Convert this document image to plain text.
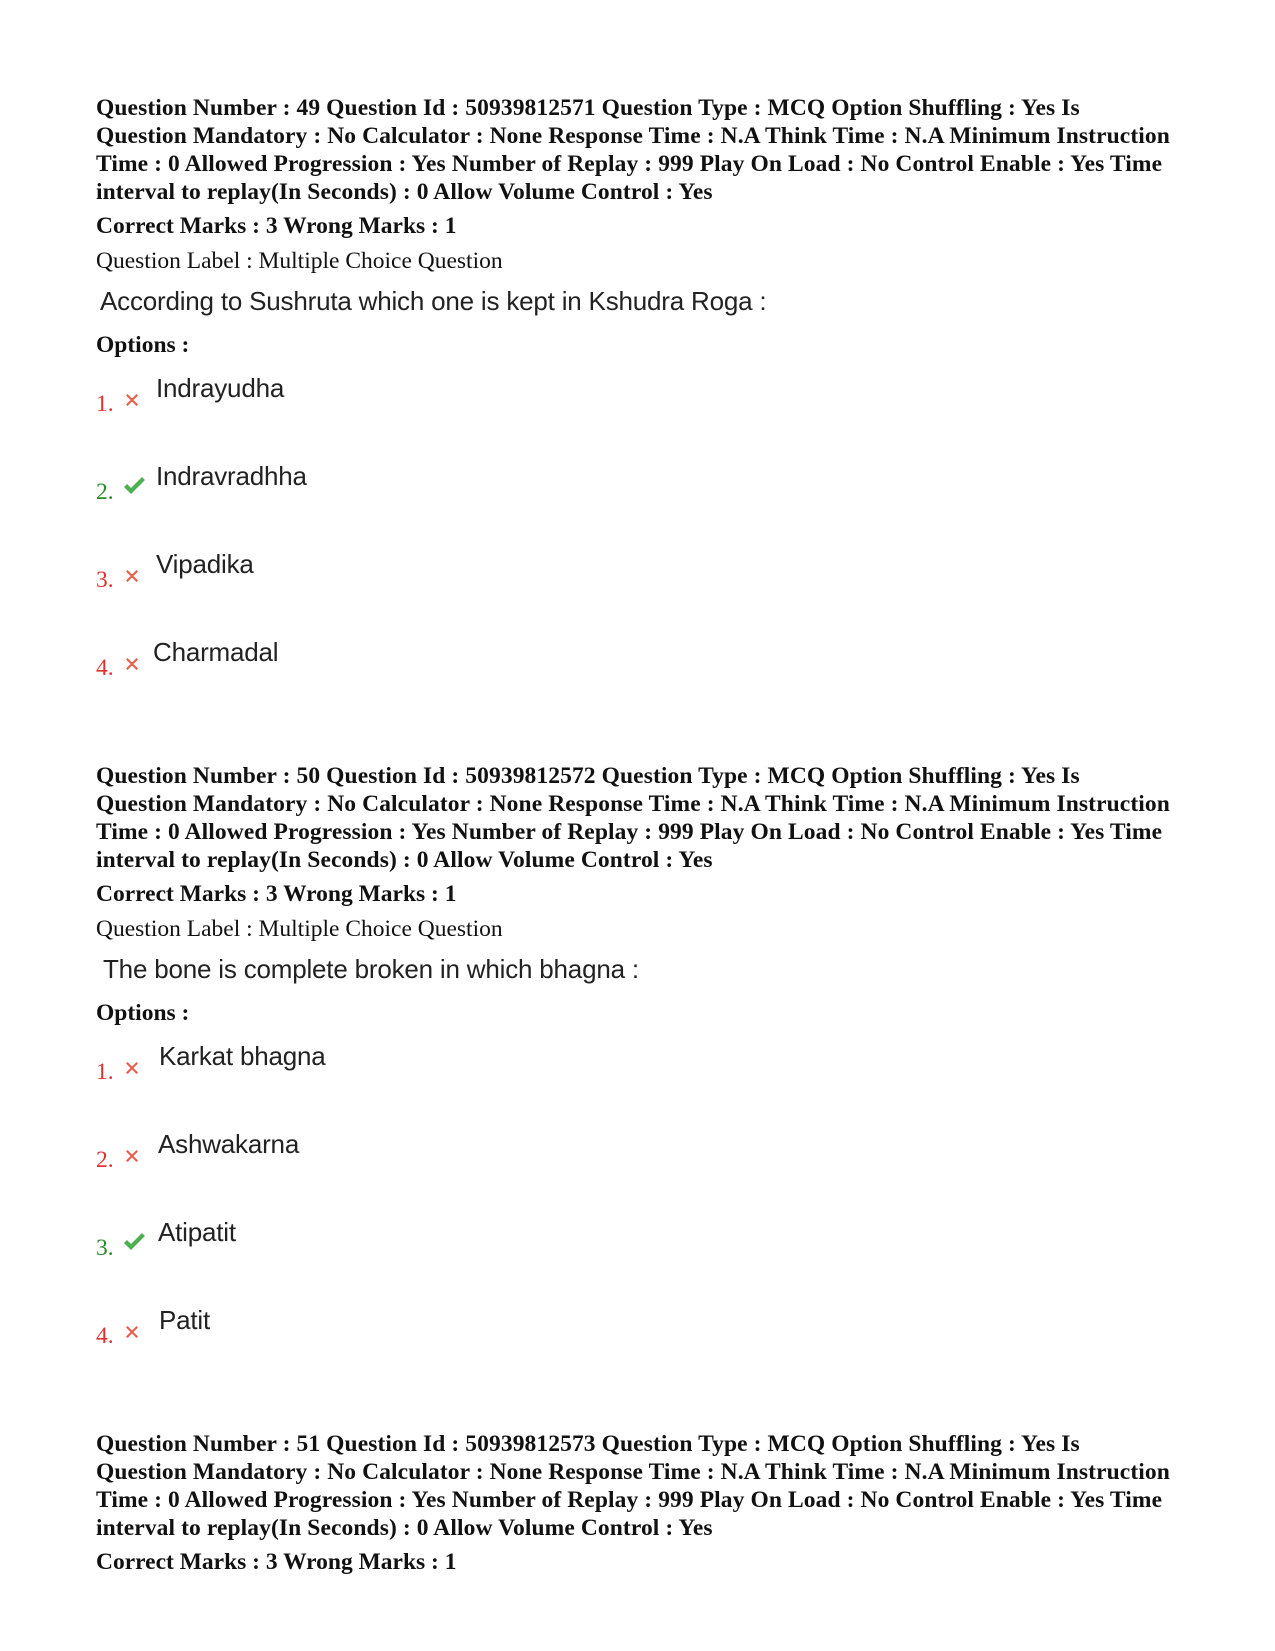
Question Number : 49 Question Id : 50939812571 Question Type : MCQ Option Shuffling : Yes Is Question Mandatory : No Calculator : None Response Time : N.A Think Time : N.A Minimum Instruction Time : 0 Allowed Progression : Yes Number of Replay : 999 Play On Load : No Control Enable : Yes Time interval to replay(In Seconds) : 0 Allow Volume Control : Yes

Correct Marks : 3 Wrong Marks : 1
Question Label : Multiple Choice Question
According to Sushruta which one is kept in Kshudra Roga :
Options :
1.
Indrayudha
2.
Indravradhha
3.
Vipadika
4.
Charmadal

Question Number : 50 Question Id : 50939812572 Question Type : MCQ Option Shuffling : Yes Is Question Mandatory : No Calculator : None Response Time : N.A Think Time : N.A Minimum Instruction Time : 0 Allowed Progression : Yes Number of Replay : 999 Play On Load : No Control Enable : Yes Time interval to replay(In Seconds) : 0 Allow Volume Control : Yes

Correct Marks : 3 Wrong Marks : 1
Question Label : Multiple Choice Question
The bone is complete broken in which bhagna :
Options :
1.
Karkat bhagna
2.
Ashwakarna
3.
Atipatit
4.
Patit

Question Number : 51 Question Id : 50939812573 Question Type : MCQ Option Shuffling : Yes Is Question Mandatory : No Calculator : None Response Time : N.A Think Time : N.A Minimum Instruction Time : 0 Allowed Progression : Yes Number of Replay : 999 Play On Load : No Control Enable : Yes Time interval to replay(In Seconds) : 0 Allow Volume Control : Yes

Correct Marks : 3 Wrong Marks : 1
